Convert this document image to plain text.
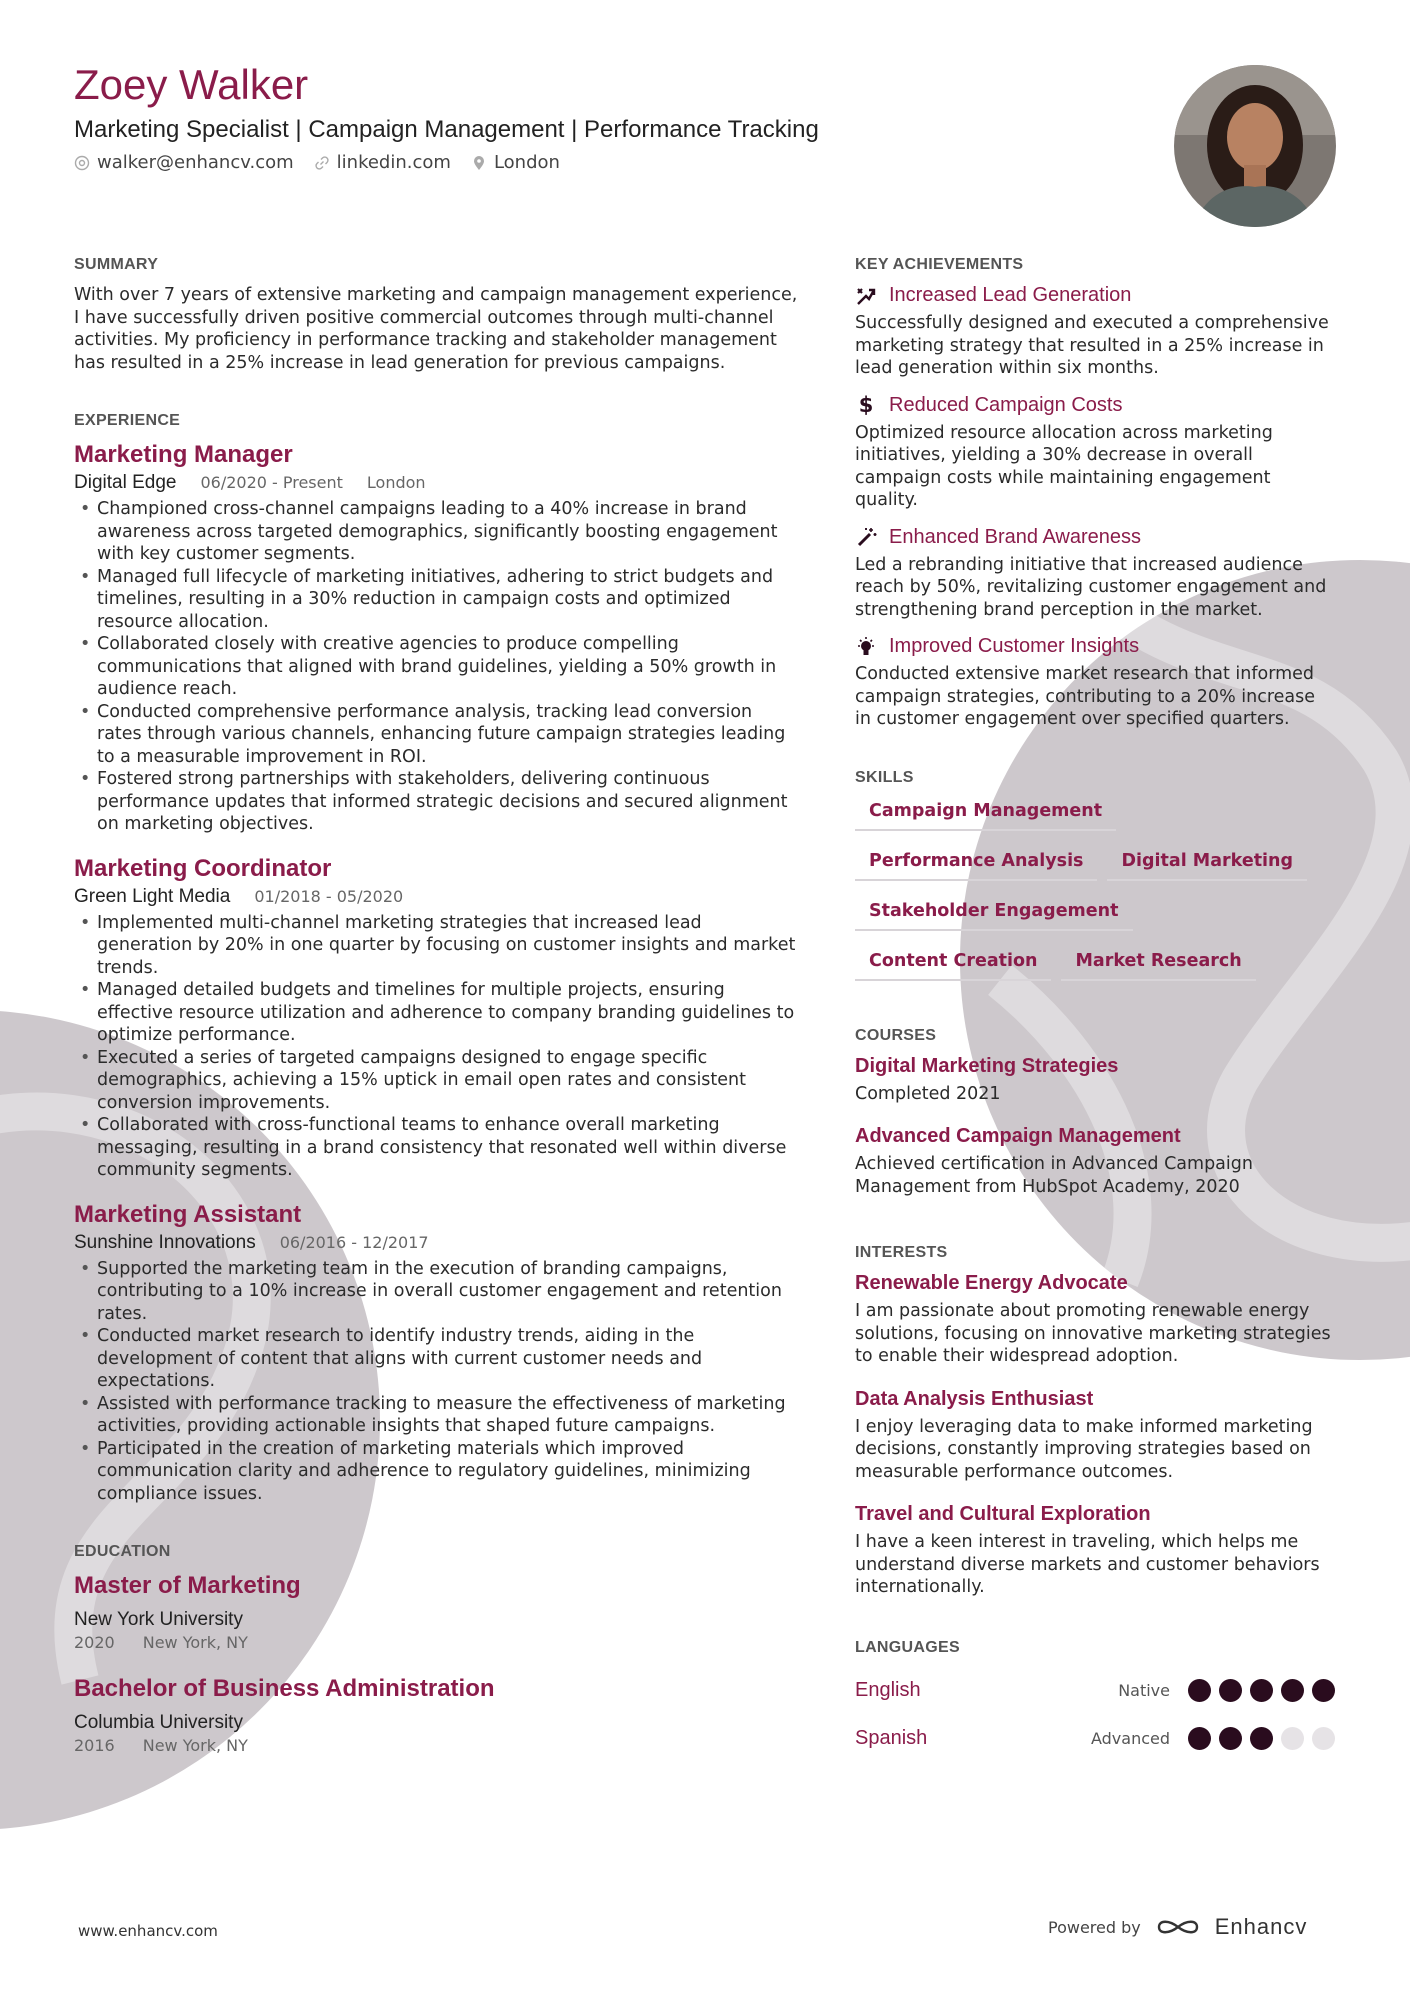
Zoey Walker
Marketing Specialist | Campaign Management | Performance Tracking
walker@enhancv.com linkedin.com London
SUMMARY

With over 7 years of extensive marketing and campaign management experience, I have successfully driven positive commercial outcomes through multi-channel activities. My proficiency in performance tracking and stakeholder management has resulted in a 25% increase in lead generation for previous campaigns.

EXPERIENCE
Marketing Manager
Digital Edge 06/2020 - Present London
• Championed cross-channel campaigns leading to a 40% increase in brand awareness across targeted demographics, significantly boosting engagement with key customer segments.
• Managed full lifecycle of marketing initiatives, adhering to strict budgets and timelines, resulting in a 30% reduction in campaign costs and optimized resource allocation.
• Collaborated closely with creative agencies to produce compelling communications that aligned with brand guidelines, yielding a 50% growth in audience reach.
• Conducted comprehensive performance analysis, tracking lead conversion rates through various channels, enhancing future campaign strategies leading to a measurable improvement in ROI.
• Fostered strong partnerships with stakeholders, delivering continuous performance updates that informed strategic decisions and secured alignment on marketing objectives.
Marketing Coordinator
Green Light Media 01/2018 - 05/2020
• Implemented multi-channel marketing strategies that increased lead generation by 20% in one quarter by focusing on customer insights and market trends.
• Managed detailed budgets and timelines for multiple projects, ensuring effective resource utilization and adherence to company branding guidelines to optimize performance.
• Executed a series of targeted campaigns designed to engage specific demographics, achieving a 15% uptick in email open rates and consistent conversion improvements.
• Collaborated with cross-functional teams to enhance overall marketing messaging, resulting in a brand consistency that resonated well within diverse community segments.
Marketing Assistant
Sunshine Innovations 06/2016 - 12/2017
• Supported the marketing team in the execution of branding campaigns, contributing to a 10% increase in overall customer engagement and retention rates.
• Conducted market research to identify industry trends, aiding in the development of content that aligns with current customer needs and expectations.
• Assisted with performance tracking to measure the effectiveness of marketing activities, providing actionable insights that shaped future campaigns.
• Participated in the creation of marketing materials which improved communication clarity and adherence to regulatory guidelines, minimizing compliance issues.
EDUCATION
Master of Marketing
New York University
2020 New York, NY
Bachelor of Business Administration
Columbia University
2016 New York, NY
KEY ACHIEVEMENTS
Increased Lead Generation

Successfully designed and executed a comprehensive marketing strategy that resulted in a 25% increase in lead generation within six months.

$ Reduced Campaign Costs

Optimized resource allocation across marketing initiatives, yielding a 30% decrease in overall campaign costs while maintaining engagement quality.

Enhanced Brand Awareness

Led a rebranding initiative that increased audience reach by 50%, revitalizing customer engagement and strengthening brand perception in the market.

Improved Customer Insights

Conducted extensive market research that informed campaign strategies, contributing to a 20% increase in customer engagement over specified quarters.

SKILLS
Campaign Management
Performance Analysis	Digital Marketing
Stakeholder Engagement
Content Creation	Market Research
COURSES
Digital Marketing Strategies

Completed 2021

Advanced Campaign Management

Achieved certification in Advanced Campaign Management from HubSpot Academy, 2020

INTERESTS
Renewable Energy Advocate

I am passionate about promoting renewable energy solutions, focusing on innovative marketing strategies to enable their widespread adoption.

Data Analysis Enthusiast

I enjoy leveraging data to make informed marketing decisions, constantly improving strategies based on measurable performance outcomes.

Travel and Cultural Exploration

I have a keen interest in traveling, which helps me understand diverse markets and customer behaviors internationally.

LANGUAGES
English	Native
Spanish	Advanced
www.enhancv.com	Powered by	Enhancv
